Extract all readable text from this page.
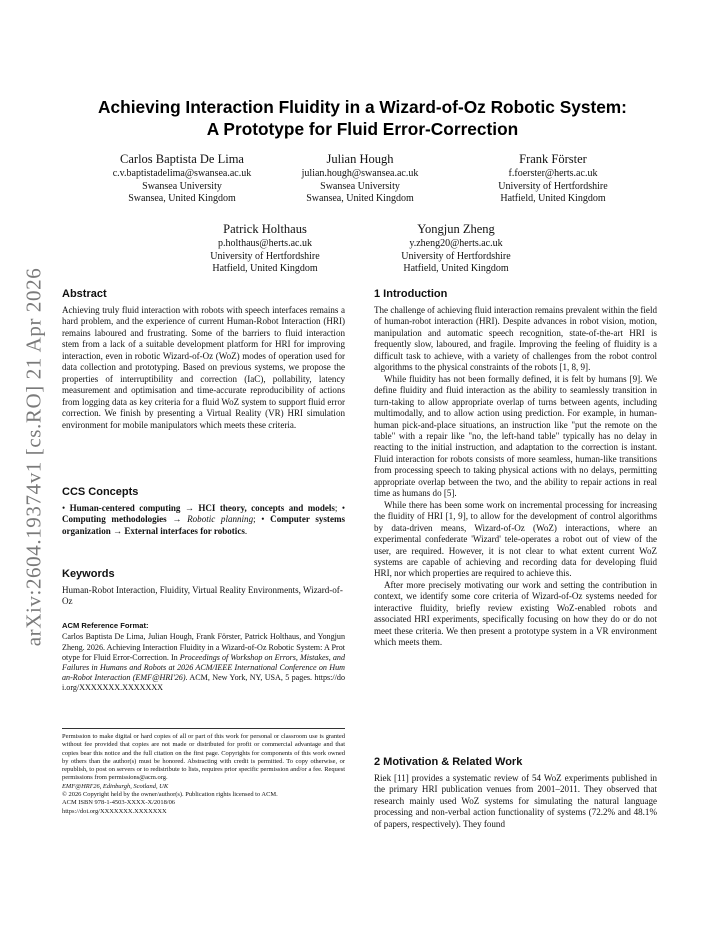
arXiv:2604.19374v1 [cs.RO] 21 Apr 2026
Achieving Interaction Fluidity in a Wizard-of-Oz Robotic System:
A Prototype for Fluid Error-Correction
Carlos Baptista De Lima
c.v.baptistadelima@swansea.ac.uk
Swansea University
Swansea, United Kingdom
Julian Hough
julian.hough@swansea.ac.uk
Swansea University
Swansea, United Kingdom
Frank Förster
f.foerster@herts.ac.uk
University of Hertfordshire
Hatfield, United Kingdom
Patrick Holthaus
p.holthaus@herts.ac.uk
University of Hertfordshire
Hatfield, United Kingdom
Yongjun Zheng
y.zheng20@herts.ac.uk
University of Hertfordshire
Hatfield, United Kingdom
Abstract

Achieving truly fluid interaction with robots with speech interfaces remains a hard problem, and the experience of current Human-Robot Interaction (HRI) remains laboured and frustrating. Some of the barriers to fluid interaction stem from a lack of a suitable development platform for HRI for improving interaction, even in robotic Wizard-of-Oz (WoZ) modes of operation used for data collection and prototyping. Based on previous systems, we propose the properties of interruptibility and correction (IaC), pollability, latency measurement and optimisation and time-accurate reproducibility of actions from logging data as key criteria for a fluid WoZ system to support fluid error correction. We finish by presenting a Virtual Reality (VR) HRI simulation environment for mobile manipulators which meets these criteria.

CCS Concepts
• Human-centered computing → HCI theory, concepts and models; • Computing methodologies → Robotic planning; • Computer systems organization → External interfaces for robotics.
Keywords

Human-Robot Interaction, Fluidity, Virtual Reality Environments, Wizard-of-Oz

ACM Reference Format:
Carlos Baptista De Lima, Julian Hough, Frank Förster, Patrick Holthaus, and Yongjun Zheng. 2026. Achieving Interaction Fluidity in a Wizard-of-Oz Robotic System: A Prototype for Fluid Error-Correction. In Proceedings of Workshop on Errors, Mistakes, and Failures in Humans and Robots at 2026 ACM/IEEE International Conference on Human-Robot Interaction (EMF@HRI'26). ACM, New York, NY, USA, 5 pages. https://doi.org/XXXXXXX.XXXXXXX
Permission to make digital or hard copies of all or part of this work for personal or classroom use is granted without fee provided that copies are not made or distributed for profit or commercial advantage and that copies bear this notice and the full citation on the first page. Copyrights for components of this work owned by others than the author(s) must be honored. Abstracting with credit is permitted. To copy otherwise, or republish, to post on servers or to redistribute to lists, requires prior specific permission and/or a fee. Request permissions from permissions@acm.org.
EMF@HRI'26, Edinburgh, Scotland, UK
© 2026 Copyright held by the owner/author(s). Publication rights licensed to ACM.
ACM ISBN 978-1-4503-XXXX-X/2018/06
https://doi.org/XXXXXXX.XXXXXXX
1 Introduction

The challenge of achieving fluid interaction remains prevalent within the field of human-robot interaction (HRI). Despite advances in robot vision, motion, manipulation and automatic speech recognition, state-of-the-art HRI is frequently slow, laboured, and fragile. Improving the feeling of fluidity is a difficult task to achieve, with a variety of challenges from the robot control algorithms to the physical constraints of the robots [1, 8, 9].

While fluidity has not been formally defined, it is felt by humans [9]. We define fluidity and fluid interaction as the ability to seamlessly transition in turn-taking to allow appropriate overlap of turns between agents, including multimodally, and to allow action using prediction. For example, in human-human pick-and-place situations, an instruction like "put the remote on the table" with a repair like "no, the left-hand table" typically has no delay in reacting to the initial instruction, and adaptation to the correction is instant. Fluid interaction for robots consists of more seamless, human-like transitions from processing speech to taking physical actions with no delays, permitting appropriate overlap between the two, and the ability to repair actions in real time as humans do [5].

While there has been some work on incremental processing for increasing the fluidity of HRI [1, 9], to allow for the development of control algorithms by data-driven means, Wizard-of-Oz (WoZ) interactions, where an experimental confederate 'Wizard' tele-operates a robot out of view of the user, are required. However, it is not clear to what extent current WoZ systems are capable of achieving and recording data for developing fluid HRI, nor which properties are required to achieve this.

After more precisely motivating our work and setting the contribution in context, we identify some core criteria of Wizard-of-Oz systems needed for interactive fluidity, briefly review existing WoZ-enabled robots and associated HRI experiments, specifically focusing on how they do or do not meet these criteria. We then present a prototype system in a VR environment which meets them.

2 Motivation & Related Work

Riek [11] provides a systematic review of 54 WoZ experiments published in the primary HRI publication venues from 2001–2011. They observed that research mainly used WoZ systems for simulating the natural language processing and non-verbal action functionality of systems (72.2% and 48.1% of papers, respectively). They found
